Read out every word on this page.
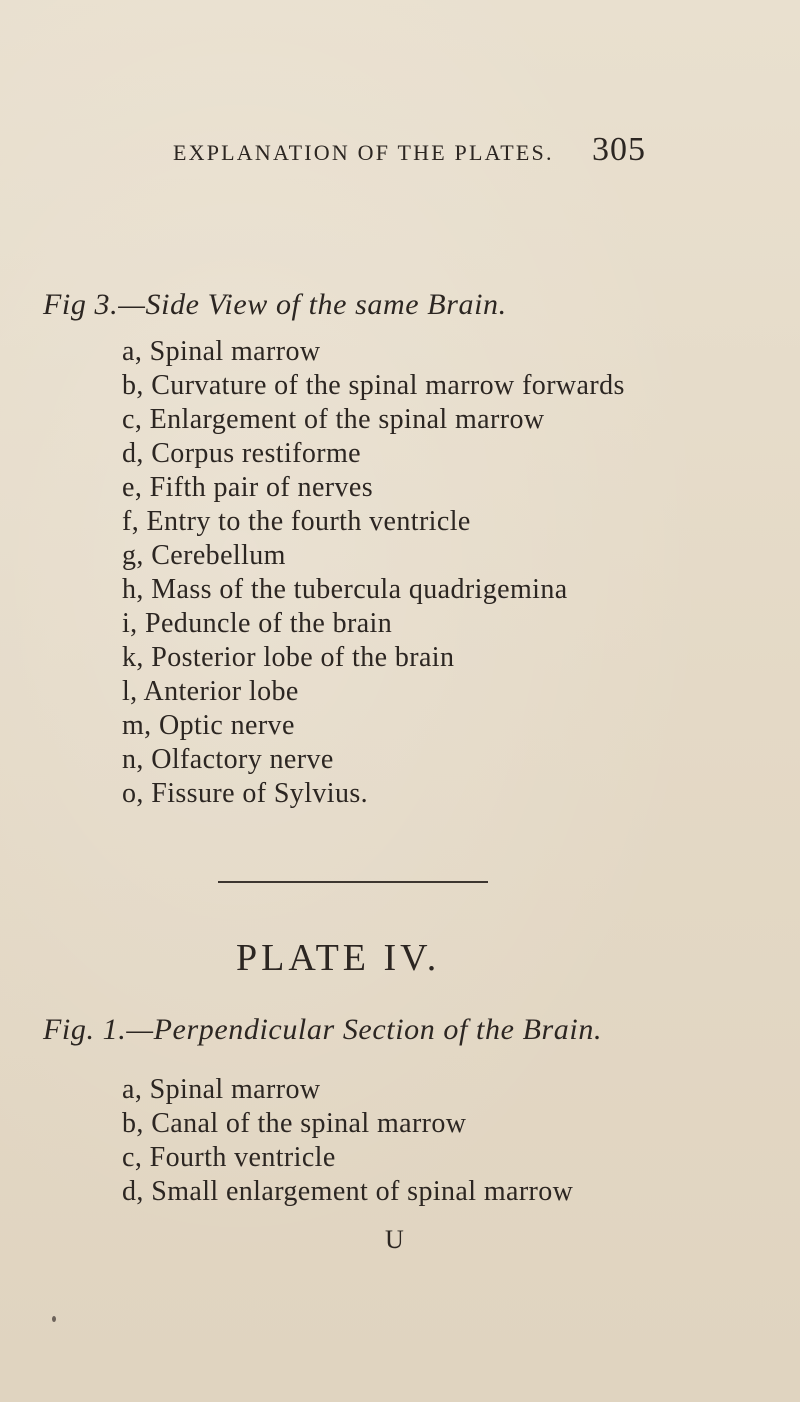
EXPLANATION OF THE PLATES. 305
Fig 3.—Side View of the same Brain.
a, Spinal marrow
b, Curvature of the spinal marrow forwards
c, Enlargement of the spinal marrow
d, Corpus restiforme
e, Fifth pair of nerves
f, Entry to the fourth ventricle
g, Cerebellum
h, Mass of the tubercula quadrigemina
i, Peduncle of the brain
k, Posterior lobe of the brain
l, Anterior lobe
m, Optic nerve
n, Olfactory nerve
o, Fissure of Sylvius.
PLATE IV.
Fig. 1.—Perpendicular Section of the Brain.
a, Spinal marrow
b, Canal of the spinal marrow
c, Fourth ventricle
d, Small enlargement of spinal marrow
U
